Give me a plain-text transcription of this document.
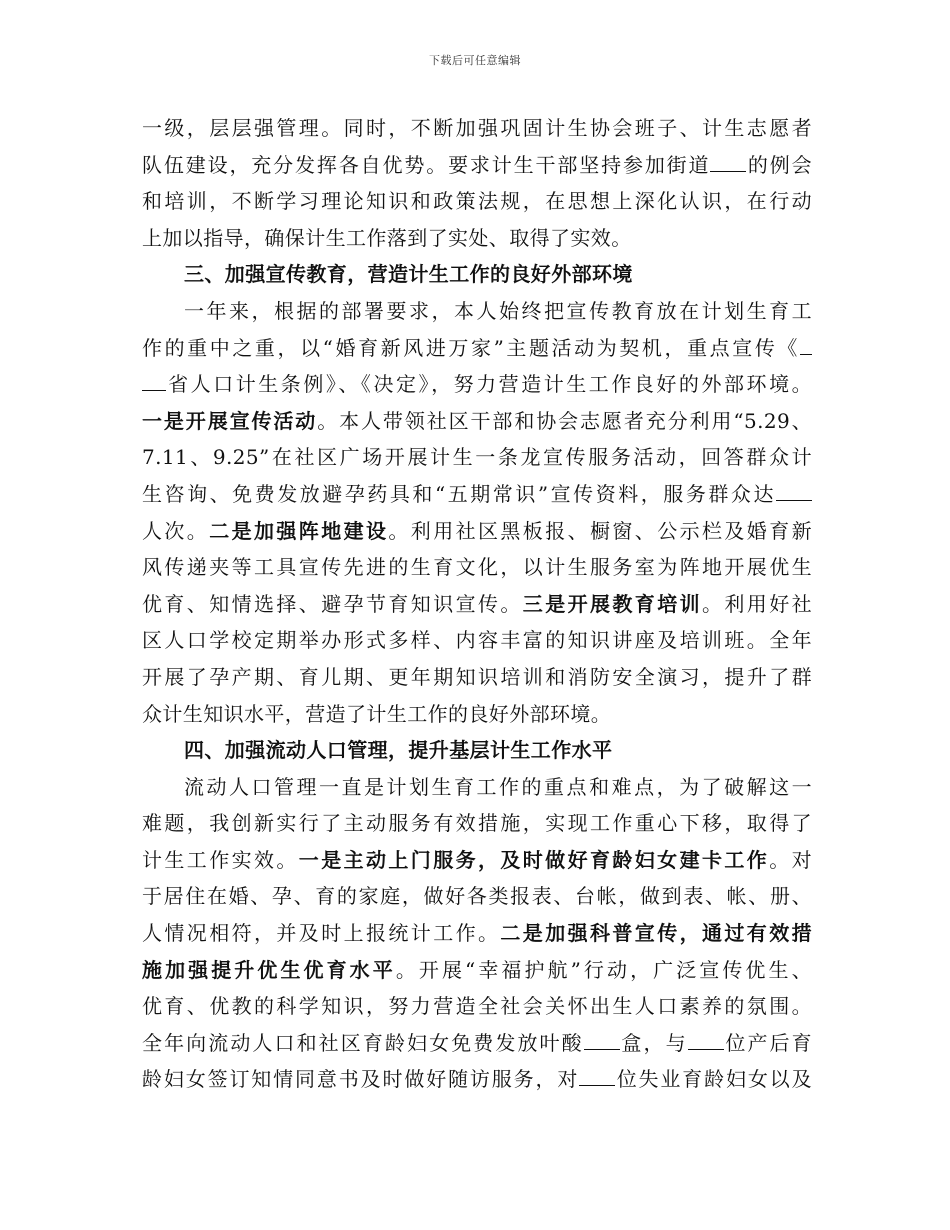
下载后可任意编辑
一级，层层强管理。同时，不断加强巩固计生协会班子、计生志愿者
队伍建设，充分发挥各自优势。要求计生干部坚持参加街道 的例会
和培训，不断学习理论知识和政策法规，在思想上深化认识，在行动
上加以指导，确保计生工作落到了实处、取得了实效。
三、加强宣传教育，营造计生工作的良好外部环境
一年来，根据的部署要求，本人始终把宣传教育放在计划生育工
作的重中之重，以“婚育新风进万家”主题活动为契机，重点宣传《
省人口计生条例》、《决定》，努力营造计生工作良好的外部环境。
一是开展宣传活动。本人带领社区干部和协会志愿者充分利用“5.29、
7.11、9.25”在社区广场开展计生一条龙宣传服务活动，回答群众计
生咨询、免费发放避孕药具和“五期常识”宣传资料，服务群众达
人次。二是加强阵地建设。利用社区黑板报、橱窗、公示栏及婚育新
风传递夹等工具宣传先进的生育文化，以计生服务室为阵地开展优生
优育、知情选择、避孕节育知识宣传。三是开展教育培训。利用好社
区人口学校定期举办形式多样、内容丰富的知识讲座及培训班。全年
开展了孕产期、育儿期、更年期知识培训和消防安全演习，提升了群
众计生知识水平，营造了计生工作的良好外部环境。
四、加强流动人口管理，提升基层计生工作水平
流动人口管理一直是计划生育工作的重点和难点，为了破解这一
难题，我创新实行了主动服务有效措施，实现工作重心下移，取得了
计生工作实效。一是主动上门服务，及时做好育龄妇女建卡工作。对
于居住在婚、孕、育的家庭，做好各类报表、台帐，做到表、帐、册、
人情况相符，并及时上报统计工作。二是加强科普宣传，通过有效措
施加强提升优生优育水平。开展“幸福护航”行动，广泛宣传优生、
优育、优教的科学知识，努力营造全社会关怀出生人口素养的氛围。
全年向流动人口和社区育龄妇女免费发放叶酸 盒，与 位产后育
龄妇女签订知情同意书及时做好随访服务，对 位失业育龄妇女以及
